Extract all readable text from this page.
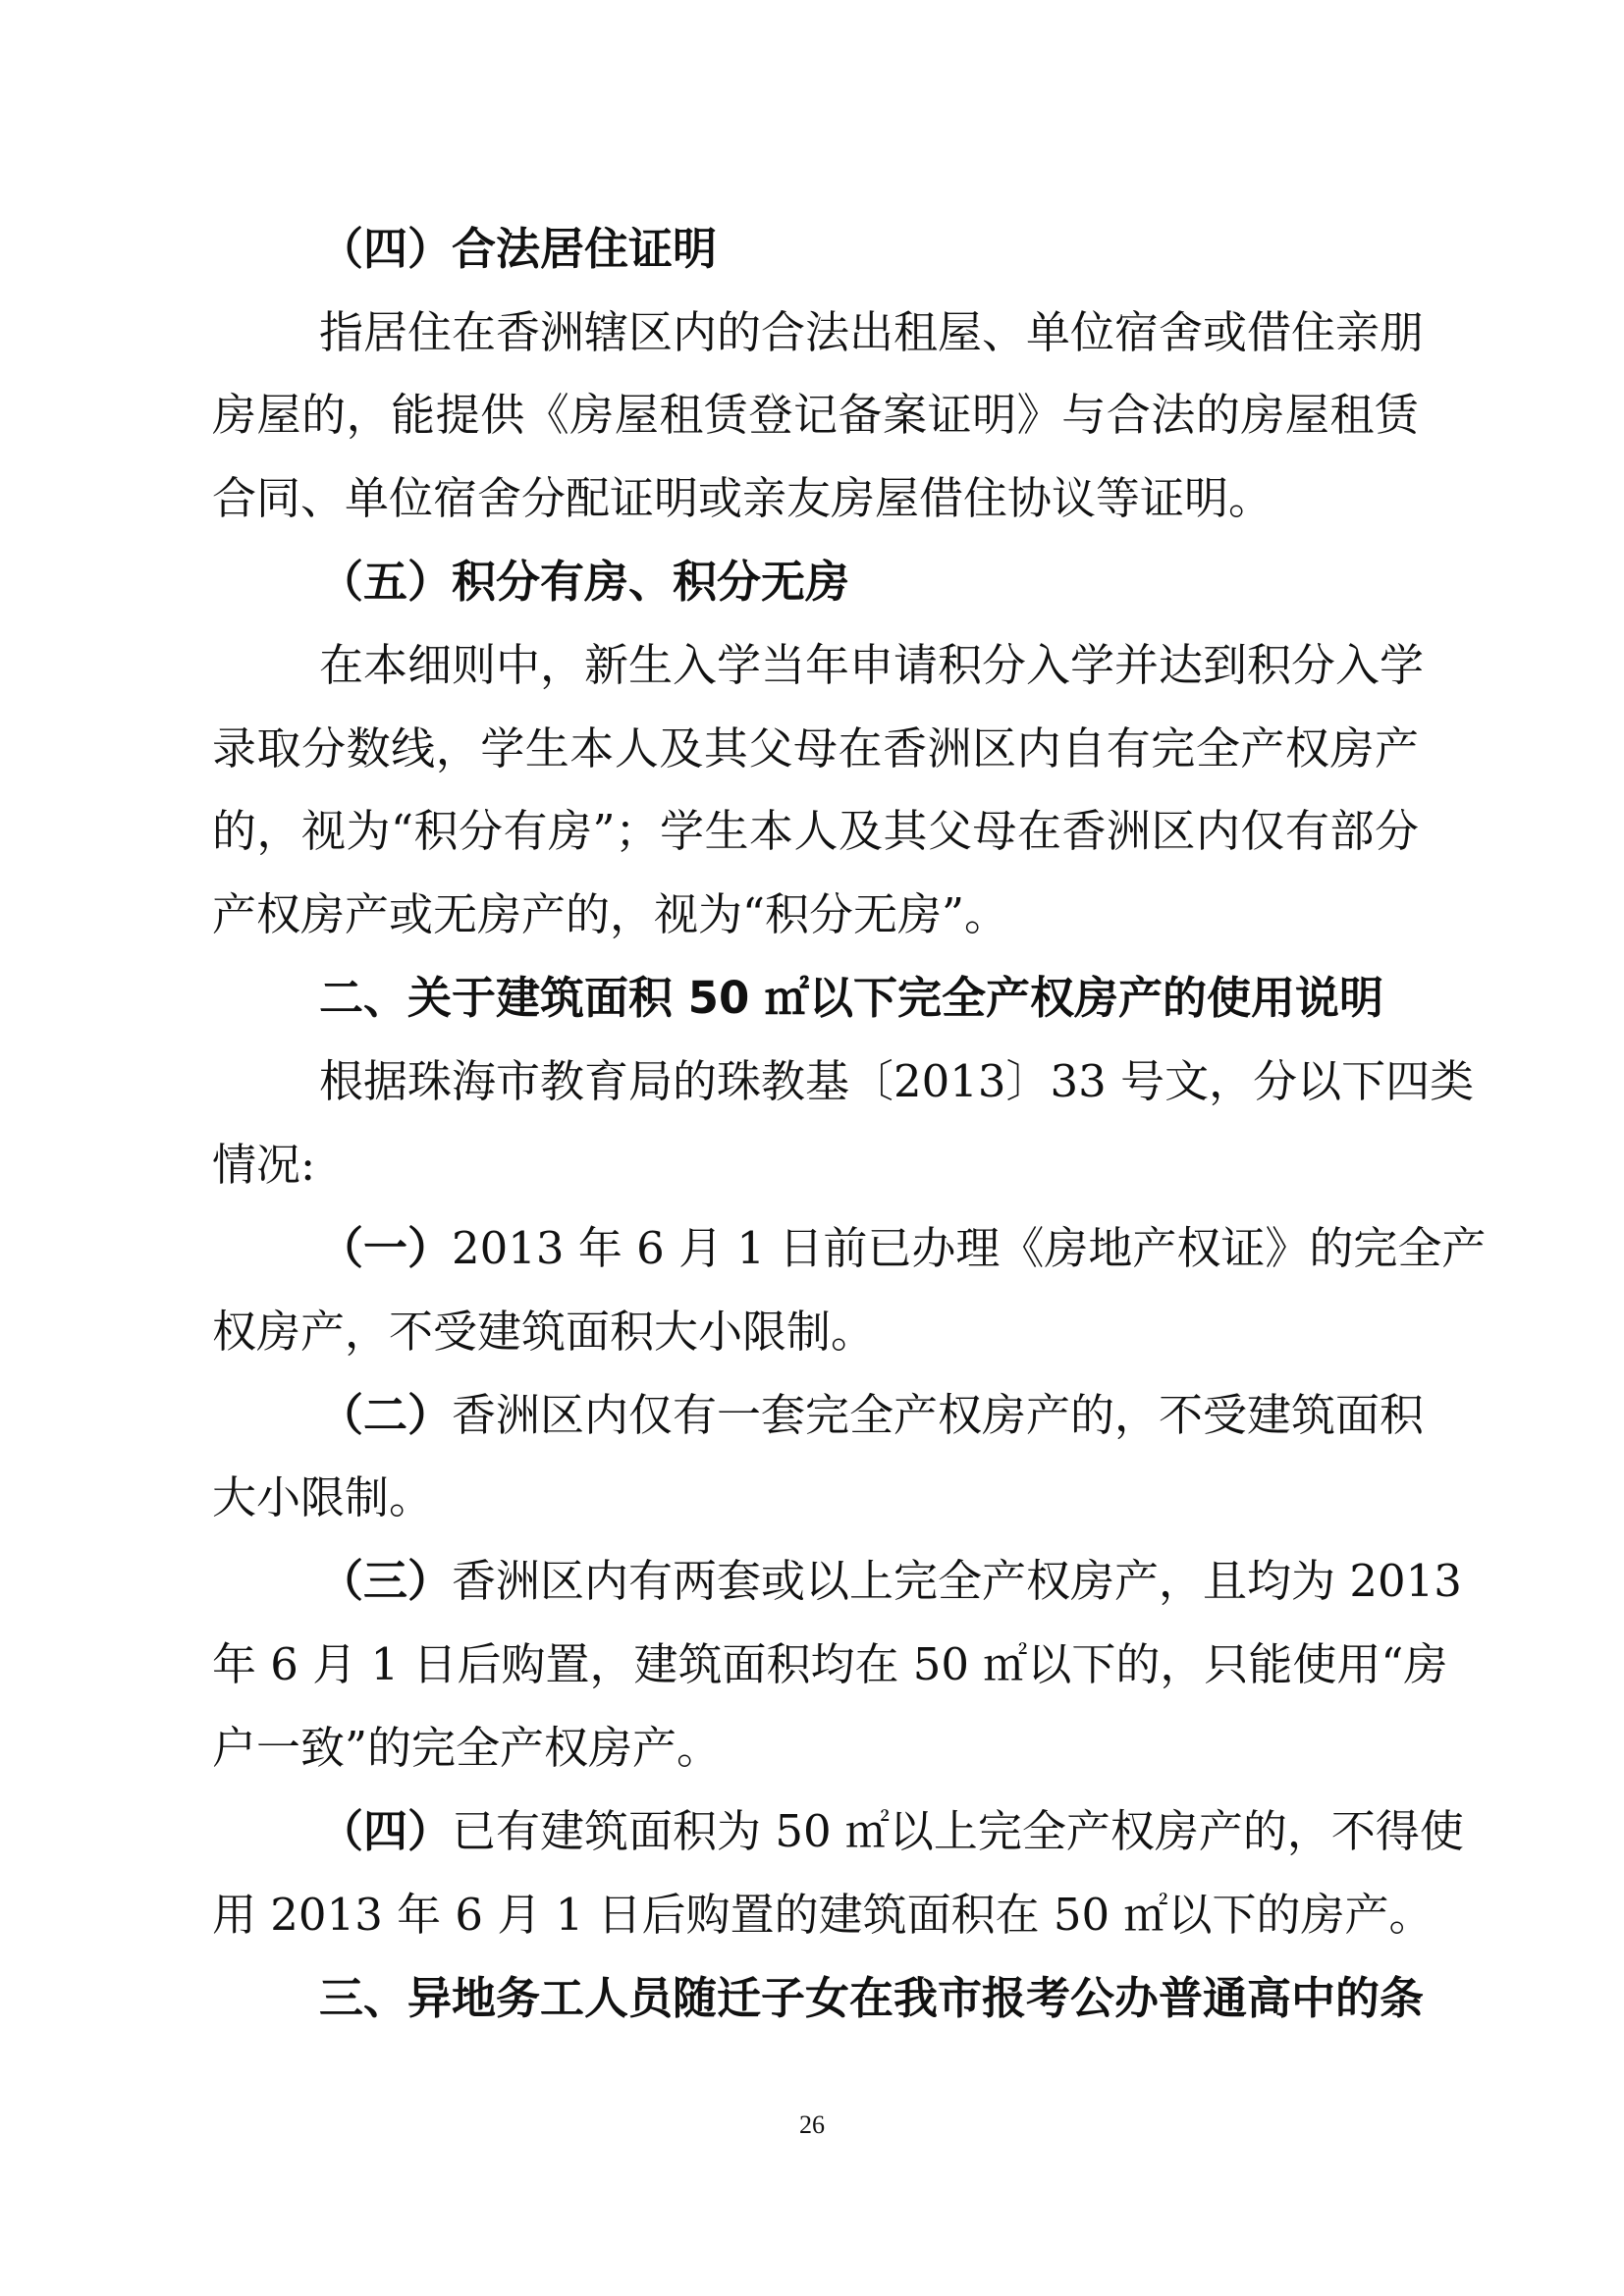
（四）合法居住证明
指居住在香洲辖区内的合法出租屋、单位宿舍或借住亲朋
房屋的，能提供《房屋租赁登记备案证明》与合法的房屋租赁
合同、单位宿舍分配证明或亲友房屋借住协议等证明。
（五）积分有房、积分无房
在本细则中，新生入学当年申请积分入学并达到积分入学
录取分数线，学生本人及其父母在香洲区内自有完全产权房产
的，视为“积分有房”；学生本人及其父母在香洲区内仅有部分
产权房产或无房产的，视为“积分无房”。
二、关于建筑面积 50 ㎡以下完全产权房产的使用说明
根据珠海市教育局的珠教基〔2013〕33 号文，分以下四类
情况:
（一）2013 年 6 月 1 日前已办理《房地产权证》的完全产
权房产，不受建筑面积大小限制。
（二）香洲区内仅有一套完全产权房产的，不受建筑面积
大小限制。
（三）香洲区内有两套或以上完全产权房产，且均为 2013
年 6 月 1 日后购置，建筑面积均在 50 ㎡以下的，只能使用“房
户一致”的完全产权房产。
（四）已有建筑面积为 50 ㎡以上完全产权房产的，不得使
用 2013 年 6 月 1 日后购置的建筑面积在 50 ㎡以下的房产。
三、异地务工人员随迁子女在我市报考公办普通高中的条
26
